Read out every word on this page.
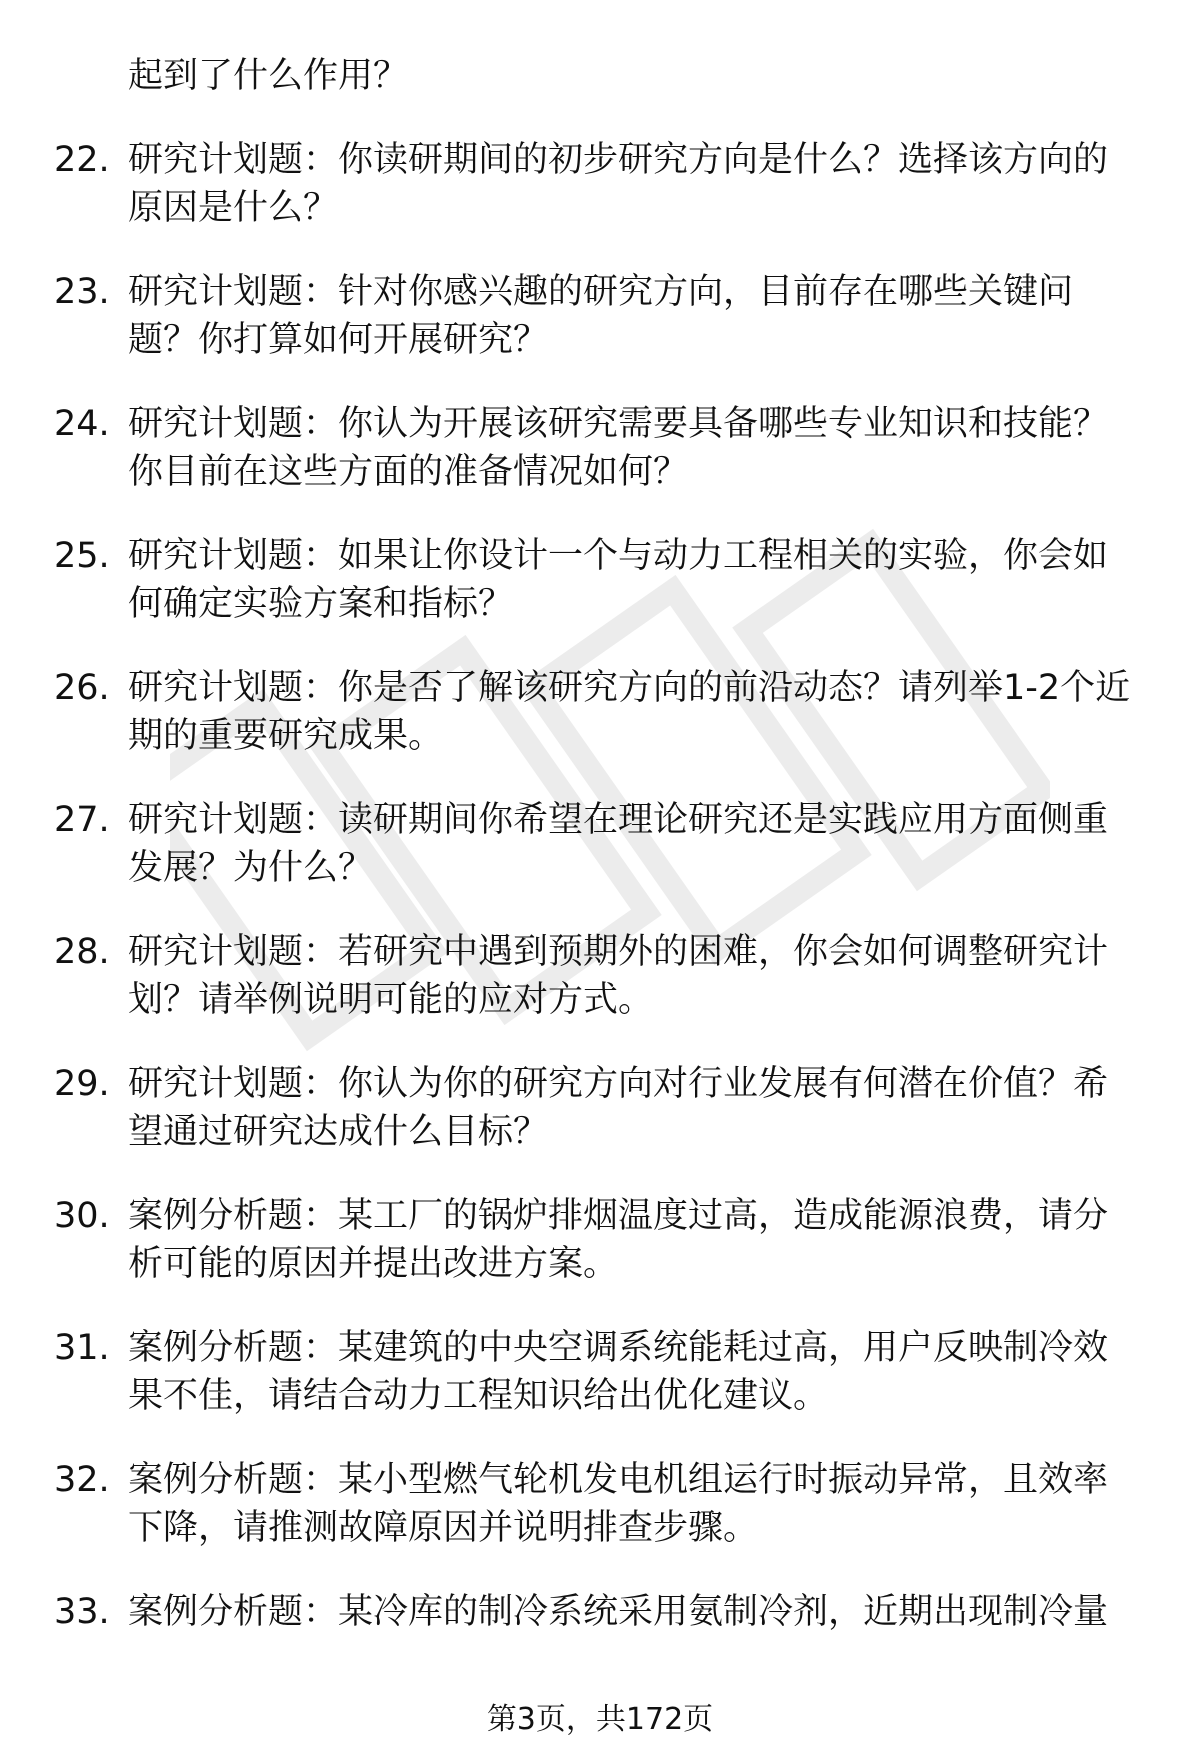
起到了什么作用？
22. 研究计划题：你读研期间的初步研究方向是什么？选择该方向的原因是什么？
23. 研究计划题：针对你感兴趣的研究方向，目前存在哪些关键问题？你打算如何开展研究？
24. 研究计划题：你认为开展该研究需要具备哪些专业知识和技能？你目前在这些方面的准备情况如何？
25. 研究计划题：如果让你设计一个与动力工程相关的实验，你会如何确定实验方案和指标？
26. 研究计划题：你是否了解该研究方向的前沿动态？请列举1-2个近期的重要研究成果。
27. 研究计划题：读研期间你希望在理论研究还是实践应用方面侧重发展？为什么？
28. 研究计划题：若研究中遇到预期外的困难，你会如何调整研究计划？请举例说明可能的应对方式。
29. 研究计划题：你认为你的研究方向对行业发展有何潜在价值？希望通过研究达成什么目标？
30. 案例分析题：某工厂的锅炉排烟温度过高，造成能源浪费，请分析可能的原因并提出改进方案。
31. 案例分析题：某建筑的中央空调系统能耗过高，用户反映制冷效果不佳，请结合动力工程知识给出优化建议。
32. 案例分析题：某小型燃气轮机发电机组运行时振动异常，且效率下降，请推测故障原因并说明排查步骤。
33. 案例分析题：某冷库的制冷系统采用氨制冷剂，近期出现制冷量
第3页，共172页
